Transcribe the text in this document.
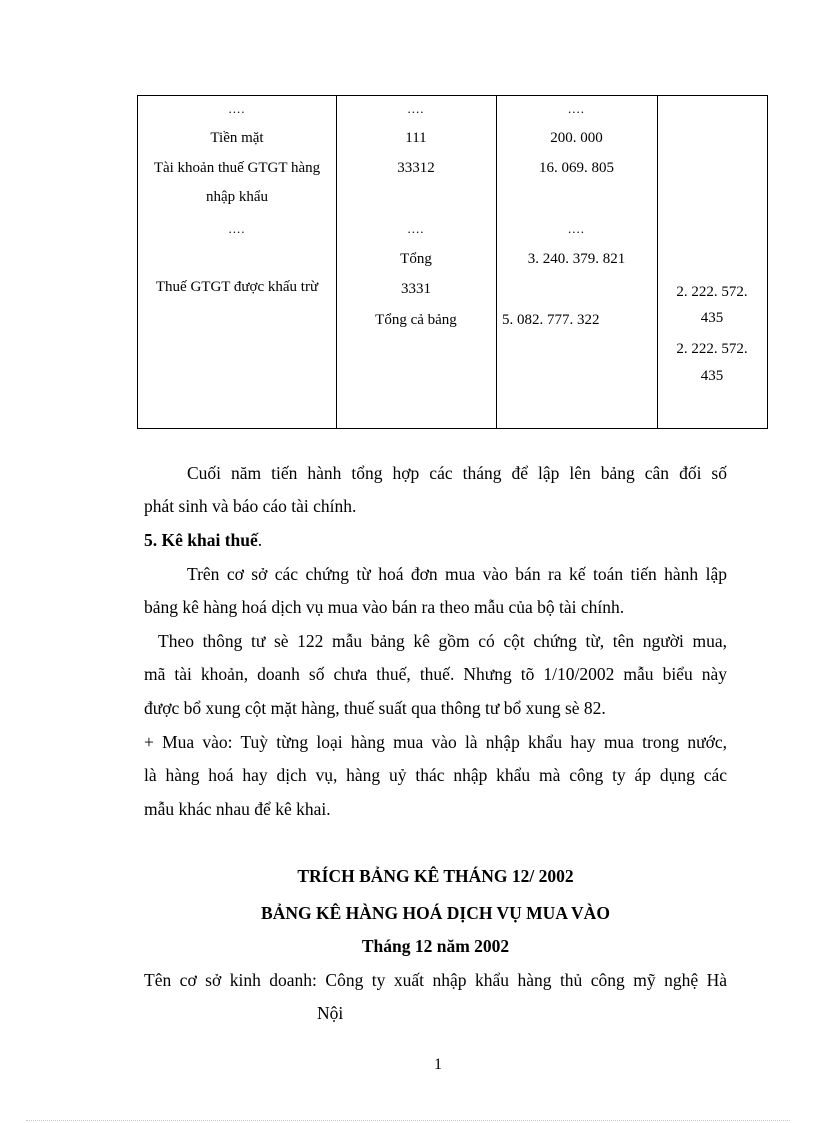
....
Tiền mặt
Tài khoản thuế GTGT hàng
nhập khẩu
....
Thuế GTGT được khấu trừ
....
111
33312
....
Tổng
3331
Tổng cả bảng
....
200. 000
16. 069. 805
....
3. 240. 379. 821
5. 082. 777. 322
2. 222. 572.
435
2. 222. 572.
435
Cuối năm tiến hành tổng hợp các tháng để lập lên bảng cân đối số
phát sinh và báo cáo tài chính.
5. Kê khai thuế.
Trên cơ sở các chứng từ hoá đơn mua vào bán ra kế toán tiến hành lập
bảng kê hàng hoá dịch vụ mua vào bán ra theo mẫu của bộ tài chính.
Theo thông tư sè 122 mẫu bảng kê gồm có cột chứng từ, tên người mua,
mã tài khoản, doanh số chưa thuế, thuế. Nhưng tõ 1/10/2002 mẫu biểu này
được bổ xung cột mặt hàng, thuế suất qua thông tư bổ xung sè 82.
+ Mua vào: Tuỳ từng loại hàng mua vào là nhập khẩu hay mua trong nước,
là hàng hoá hay dịch vụ, hàng uỷ thác nhập khẩu mà công ty áp dụng các
mẫu khác nhau để kê khai.
TRÍCH BẢNG KÊ THÁNG 12/ 2002
BẢNG KÊ HÀNG HOÁ DỊCH VỤ MUA VÀO
Tháng 12 năm 2002
Tên cơ sở kinh doanh: Công ty xuất nhập khẩu hàng thủ công mỹ nghệ Hà
Nội
1
